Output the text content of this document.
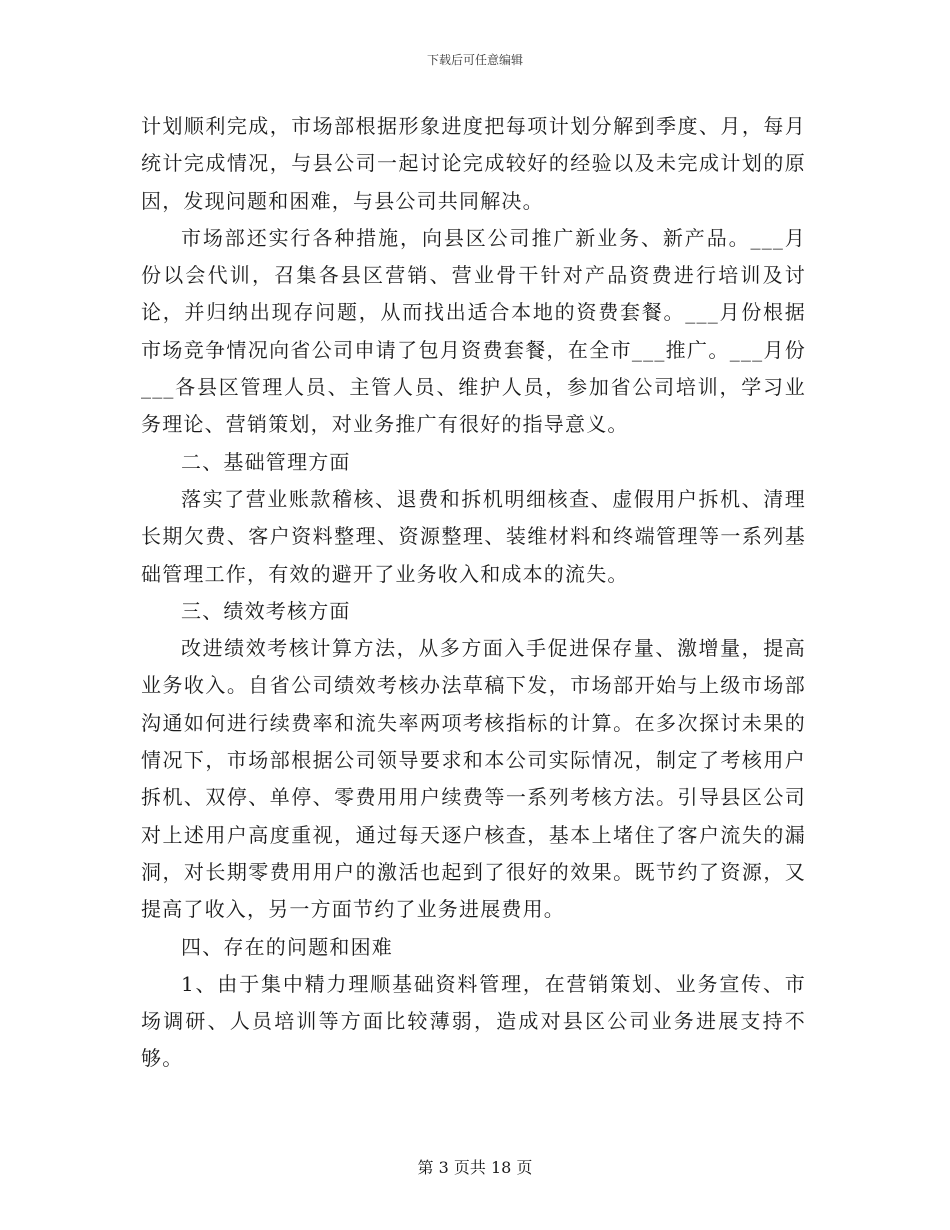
下载后可任意编辑

计划顺利完成，市场部根据形象进度把每项计划分解到季度、月，每月统计完成情况，与县公司一起讨论完成较好的经验以及未完成计划的原因，发现问题和困难，与县公司共同解决。

市场部还实行各种措施，向县区公司推广新业务、新产品。___月份以会代训，召集各县区营销、营业骨干针对产品资费进行培训及讨论，并归纳出现存问题，从而找出适合本地的资费套餐。___月份根据市场竞争情况向省公司申请了包月资费套餐，在全市___推广。___月份___各县区管理人员、主管人员、维护人员，参加省公司培训，学习业务理论、营销策划，对业务推广有很好的指导意义。

二、基础管理方面

落实了营业账款稽核、退费和拆机明细核查、虚假用户拆机、清理长期欠费、客户资料整理、资源整理、装维材料和终端管理等一系列基础管理工作，有效的避开了业务收入和成本的流失。

三、绩效考核方面

改进绩效考核计算方法，从多方面入手促进保存量、激增量，提高业务收入。自省公司绩效考核办法草稿下发，市场部开始与上级市场部沟通如何进行续费率和流失率两项考核指标的计算。在多次探讨未果的情况下，市场部根据公司领导要求和本公司实际情况，制定了考核用户拆机、双停、单停、零费用用户续费等一系列考核方法。引导县区公司对上述用户高度重视，通过每天逐户核查，基本上堵住了客户流失的漏洞，对长期零费用用户的激活也起到了很好的效果。既节约了资源，又提高了收入，另一方面节约了业务进展费用。

四、存在的问题和困难

1、由于集中精力理顺基础资料管理，在营销策划、业务宣传、市场调研、人员培训等方面比较薄弱，造成对县区公司业务进展支持不够。

第 3 页共 18 页
